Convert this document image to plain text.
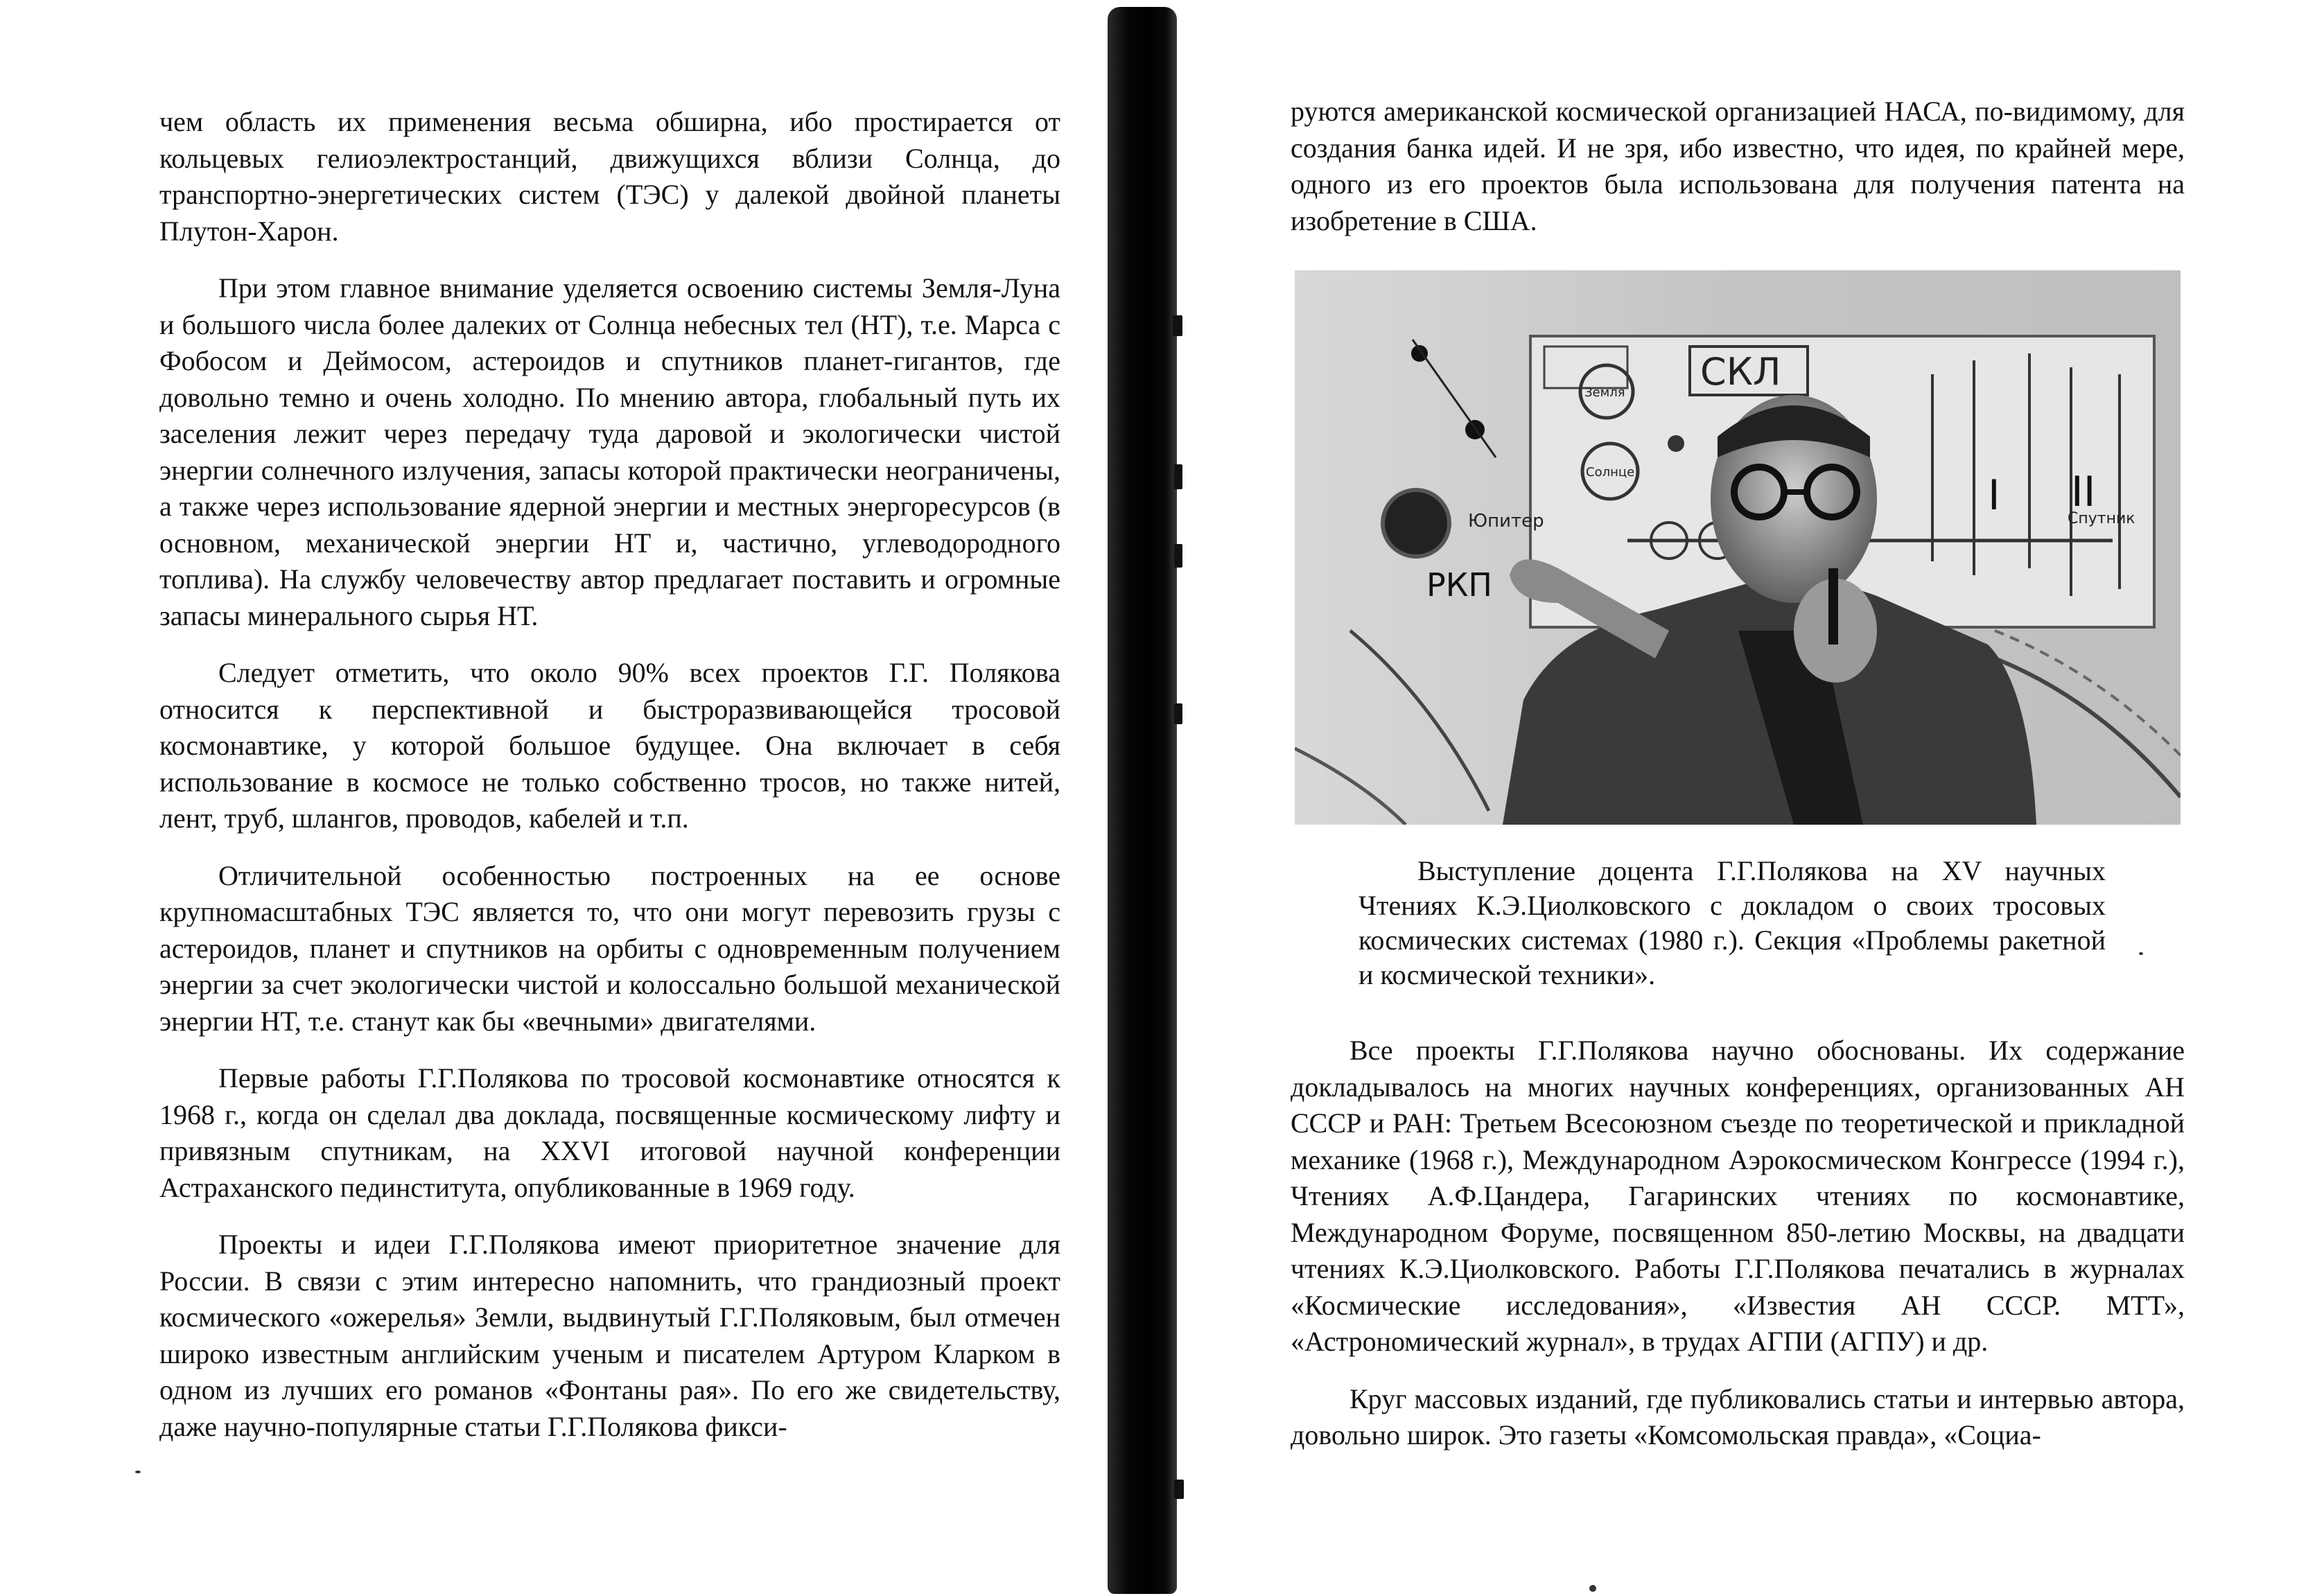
чем область их применения весьма обширна, ибо простирается от кольцевых гелиоэлектростанций, движущихся вблизи Солнца, до транспортно-энергетических систем (ТЭС) у далекой двойной планеты Плутон-Харон.

При этом главное внимание уделяется освоению системы Земля-Луна и большого числа более далеких от Солнца небесных тел (НТ), т.е. Марса с Фобосом и Деймосом, астероидов и спутников планет-гигантов, где довольно темно и очень холодно. По мнению автора, глобальный путь их заселения лежит через передачу туда даровой и экологически чистой энергии солнечного излучения, запасы которой практически неограничены, а также через использование ядерной энергии и местных энергоресурсов (в основном, механической энергии НТ и, частично, углеводородного топлива). На службу человечеству автор предлагает поставить и огромные запасы минерального сырья НТ.

Следует отметить, что около 90% всех проектов Г.Г. Полякова относится к перспективной и быстроразвивающейся тросовой космонавтике, у которой большое будущее. Она включает в себя использование в космосе не только собственно тросов, но также нитей, лент, труб, шлангов, проводов, кабелей и т.п.

Отличительной особенностью построенных на ее основе крупномасштабных ТЭС является то, что они могут перевозить грузы с астероидов, планет и спутников на орбиты с одновременным получением энергии за счет экологически чистой и колоссально большой механической энергии НТ, т.е. станут как бы «вечными» двигателями.

Первые работы Г.Г.Полякова по тросовой космонавтике относятся к 1968 г., когда он сделал два доклада, посвященные космическому лифту и привязным спутникам, на XXVI итоговой научной конференции Астраханского пединститута, опубликованные в 1969 году.

Проекты и идеи Г.Г.Полякова имеют приоритетное значение для России. В связи с этим интересно напомнить, что грандиозный проект космического «ожерелья» Земли, выдвинутый Г.Г.Поляковым, был отмечен широко известным английским ученым и писателем Артуром Кларком в одном из лучших его романов «Фонтаны рая». По его же свидетельству, даже научно-популярные статьи Г.Г.Полякова фикси-

руются американской космической организацией НАСА, по-видимому, для создания банка идей. И не зря, ибо известно, что идея, по крайней мере, одного из его проектов была использована для получения патента на изобретение в США.

СКЛ
Земля
Солнце	I II
Спутник
Юпитер
РКП

Выступление доцента Г.Г.Полякова на XV научных Чтениях К.Э.Циолковского с докладом о своих тросовых космических системах (1980 г.). Секция «Проблемы ракетной и космической техники».

Все проекты Г.Г.Полякова научно обоснованы. Их содержание докладывалось на многих научных конференциях, организованных АН СССР и РАН: Третьем Всесоюзном съезде по теоретической и прикладной механике (1968 г.), Международном Аэрокосмическом Конгрессе (1994 г.), Чтениях А.Ф.Цандера, Гагаринских чтениях по космонавтике, Международном Форуме, посвященном 850-летию Москвы, на двадцати чтениях К.Э.Циолковского. Работы Г.Г.Полякова печатались в журналах «Космические исследования», «Известия АН СССР. МТТ», «Астрономический журнал», в трудах АГПИ (АГПУ) и др.

Круг массовых изданий, где публиковались статьи и интервью автора, довольно широк. Это газеты «Комсомольская правда», «Социа-
